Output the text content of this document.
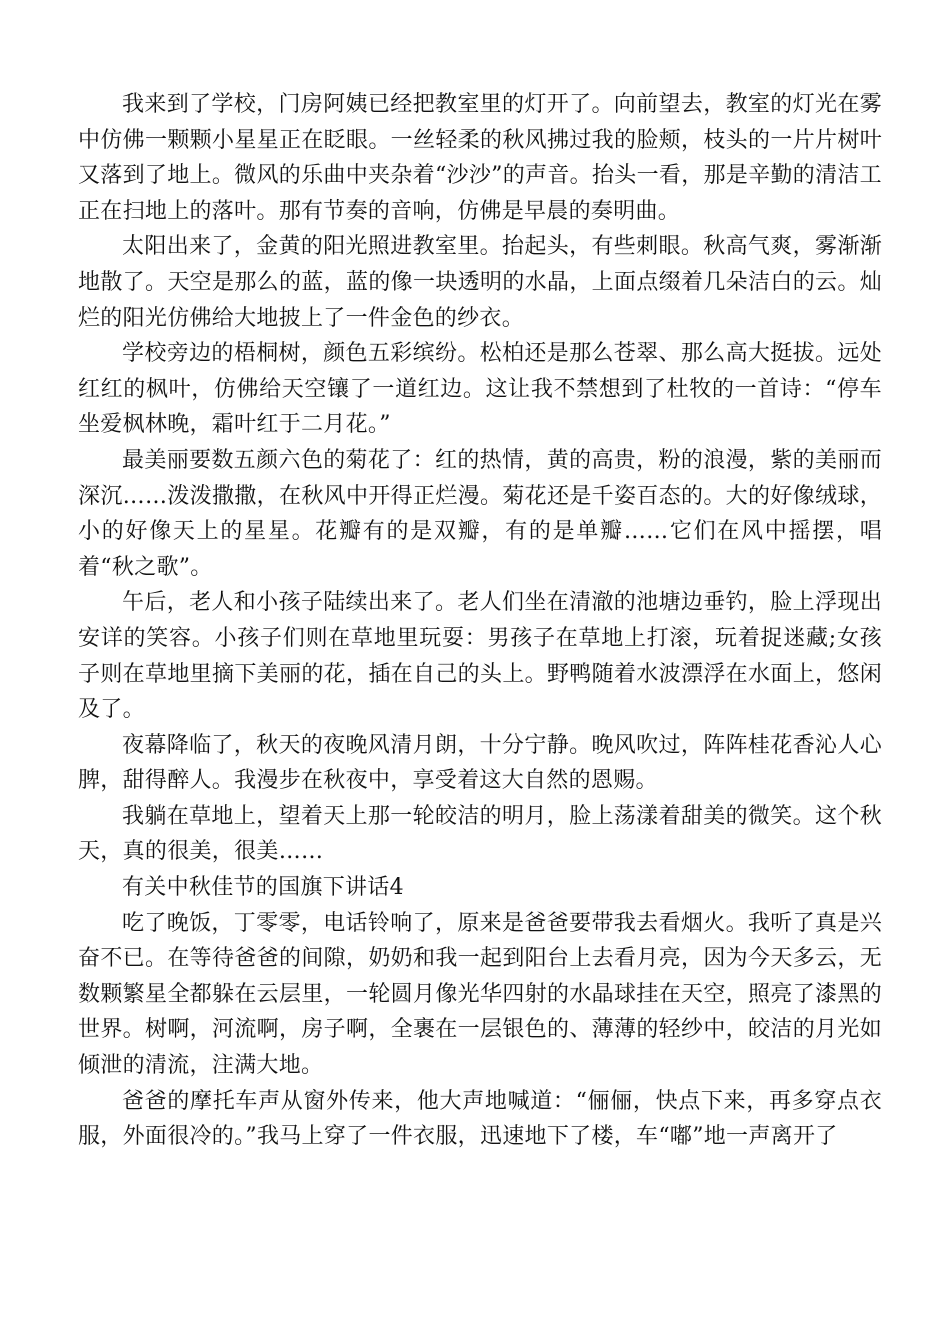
我来到了学校，门房阿姨已经把教室里的灯开了。向前望去，教室的灯光在雾中仿佛一颗颗小星星正在眨眼。一丝轻柔的秋风拂过我的脸颊，枝头的一片片树叶又落到了地上。微风的乐曲中夹杂着“沙沙”的声音。抬头一看，那是辛勤的清洁工正在扫地上的落叶。那有节奏的音响，仿佛是早晨的奏明曲。

太阳出来了，金黄的阳光照进教室里。抬起头，有些刺眼。秋高气爽，雾渐渐地散了。天空是那么的蓝，蓝的像一块透明的水晶，上面点缀着几朵洁白的云。灿烂的阳光仿佛给大地披上了一件金色的纱衣。

学校旁边的梧桐树，颜色五彩缤纷。松柏还是那么苍翠、那么高大挺拔。远处红红的枫叶，仿佛给天空镶了一道红边。这让我不禁想到了杜牧的一首诗：“停车坐爱枫林晚，霜叶红于二月花。”

最美丽要数五颜六色的菊花了：红的热情，黄的高贵，粉的浪漫，紫的美丽而深沉……泼泼撒撒，在秋风中开得正烂漫。菊花还是千姿百态的。大的好像绒球，小的好像天上的星星。花瓣有的是双瓣，有的是单瓣……它们在风中摇摆，唱着“秋之歌”。

午后，老人和小孩子陆续出来了。老人们坐在清澈的池塘边垂钓，脸上浮现出安详的笑容。小孩子们则在草地里玩耍：男孩子在草地上打滚，玩着捉迷藏;女孩子则在草地里摘下美丽的花，插在自己的头上。野鸭随着水波漂浮在水面上，悠闲及了。

夜幕降临了，秋天的夜晚风清月朗，十分宁静。晚风吹过，阵阵桂花香沁人心脾，甜得醉人。我漫步在秋夜中，享受着这大自然的恩赐。

我躺在草地上，望着天上那一轮皎洁的明月，脸上荡漾着甜美的微笑。这个秋天，真的很美，很美……

有关中秋佳节的国旗下讲话4

吃了晚饭，丁零零，电话铃响了，原来是爸爸要带我去看烟火。我听了真是兴奋不已。在等待爸爸的间隙，奶奶和我一起到阳台上去看月亮，因为今天多云，无数颗繁星全都躲在云层里，一轮圆月像光华四射的水晶球挂在天空，照亮了漆黑的世界。树啊，河流啊，房子啊，全裹在一层银色的、薄薄的轻纱中，皎洁的月光如倾泄的清流，注满大地。

爸爸的摩托车声从窗外传来，他大声地喊道：“俪俪，快点下来，再多穿点衣服，外面很冷的。”我马上穿了一件衣服，迅速地下了楼，车“嘟”地一声离开了
